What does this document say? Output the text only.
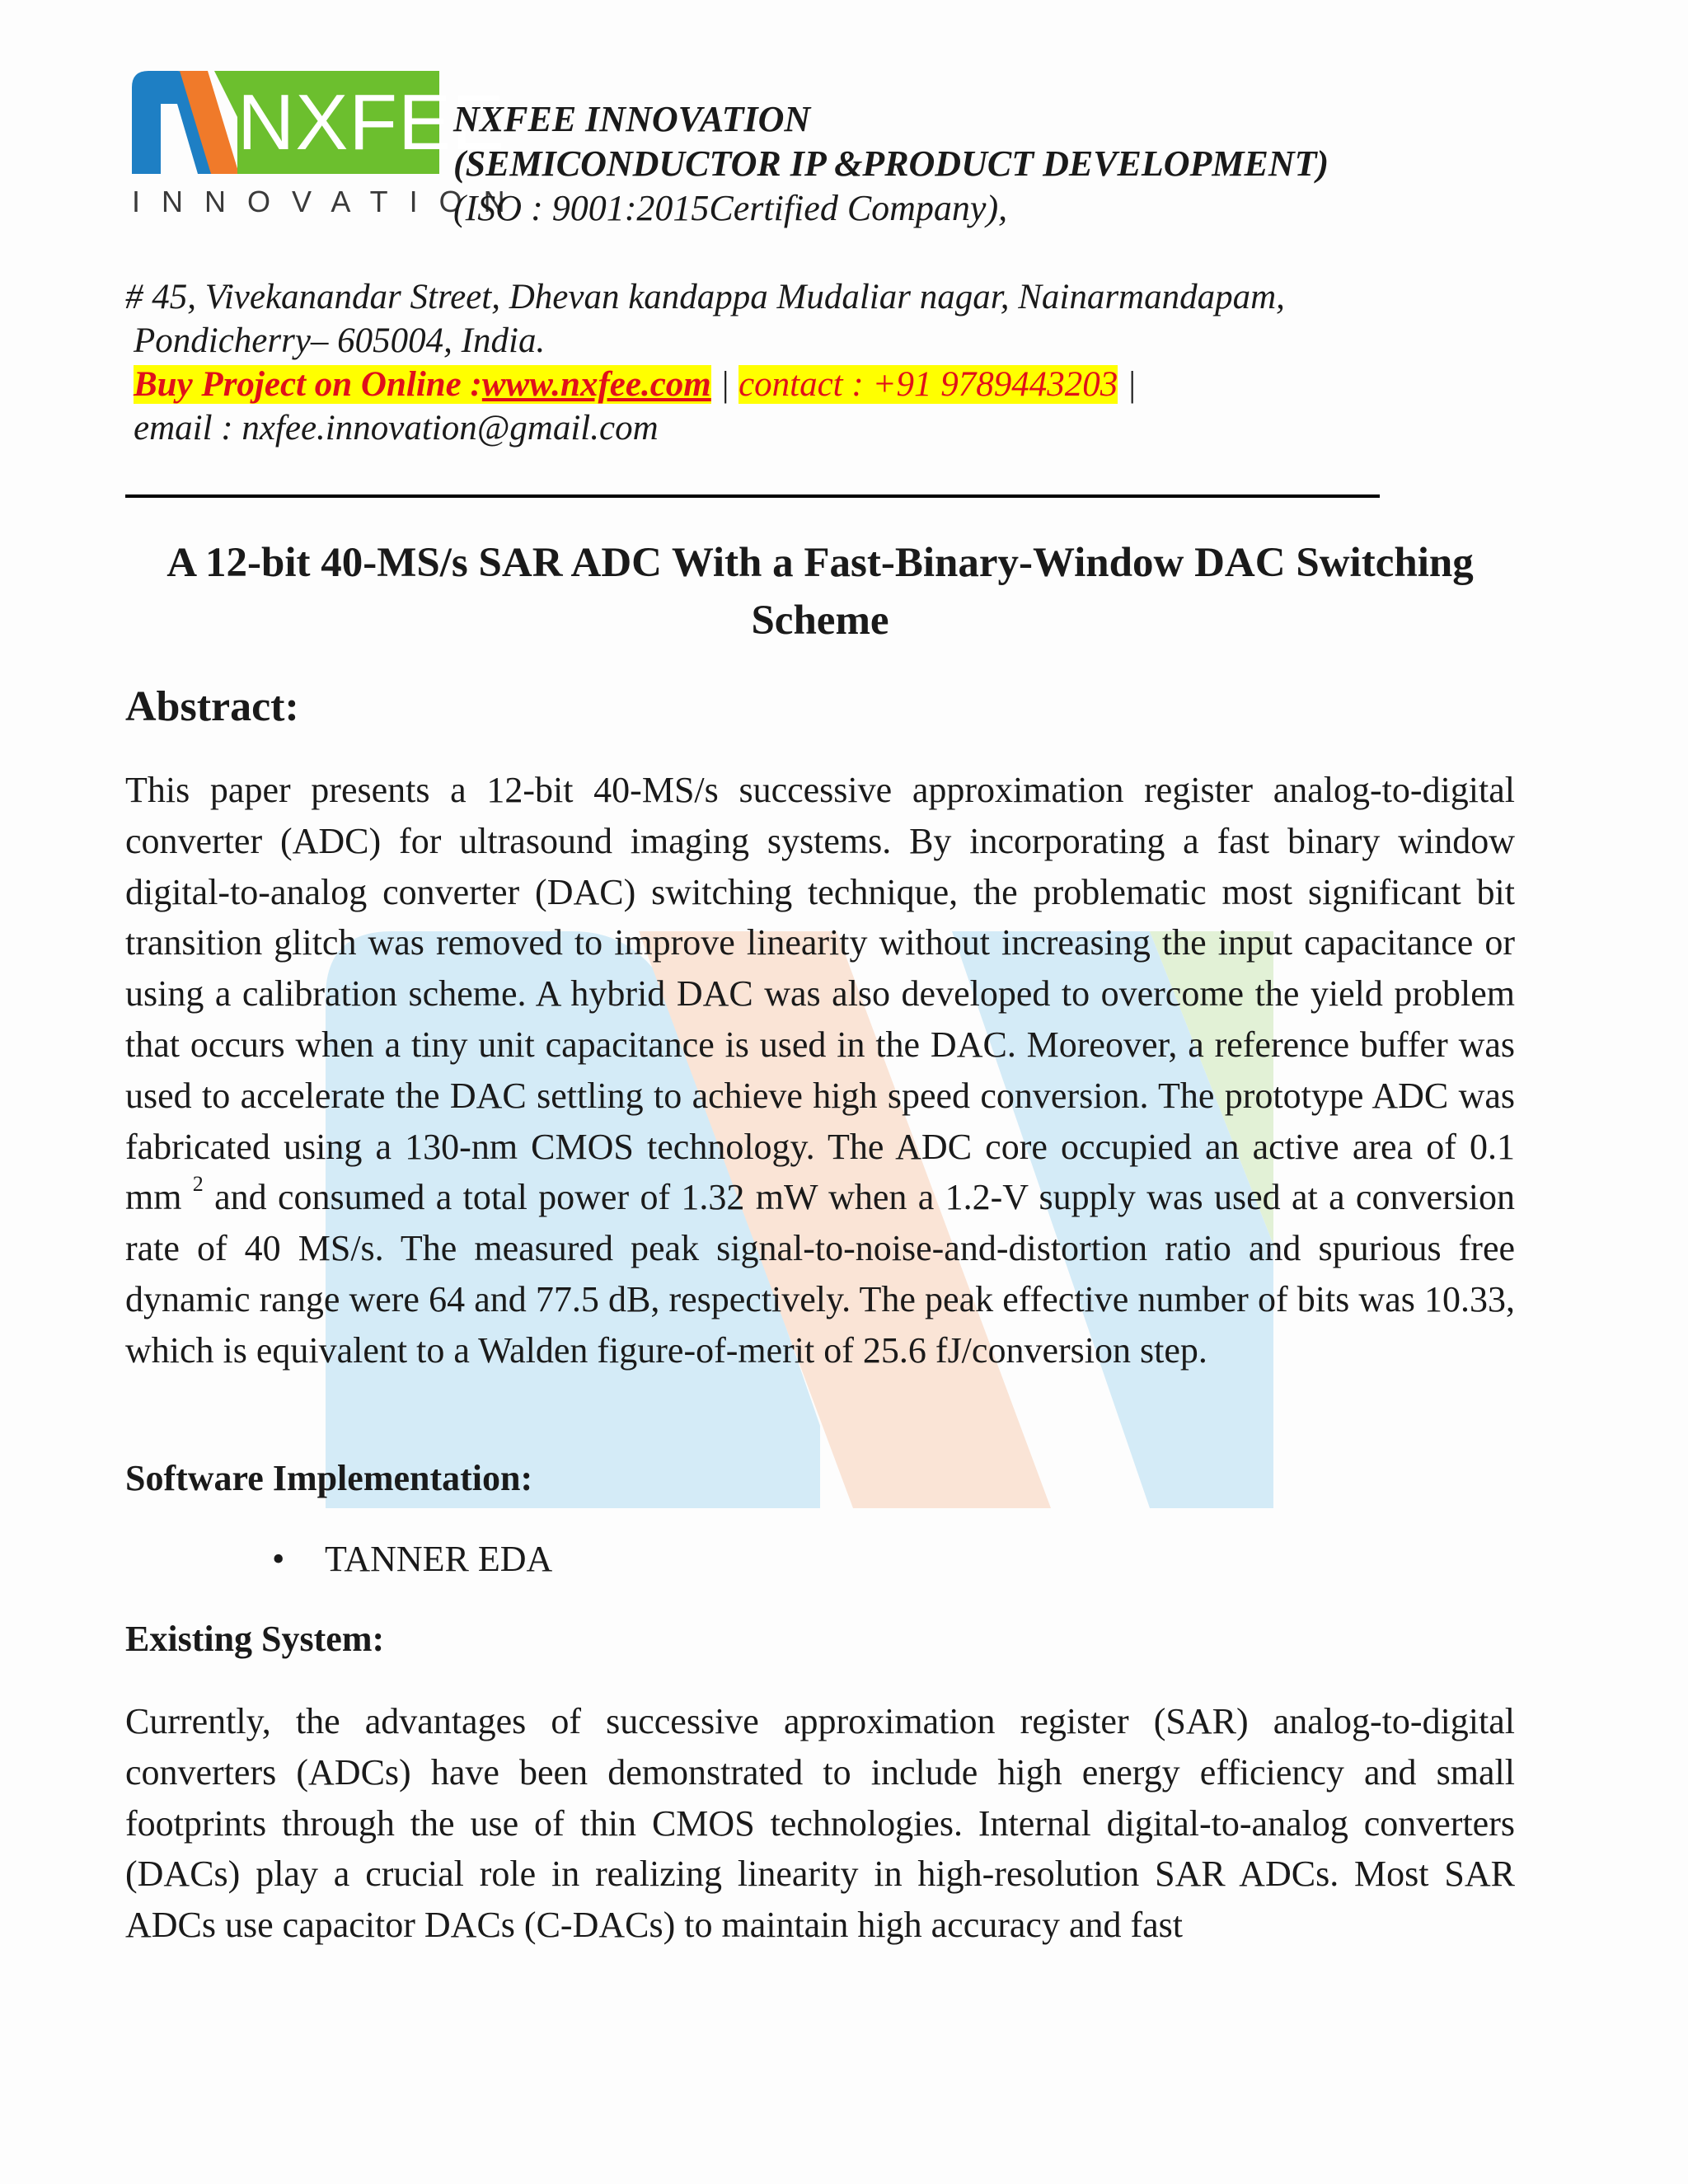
NXFEE
INNOVATION
NXFEE INNOVATION
(SEMICONDUCTOR IP &PRODUCT DEVELOPMENT)
(ISO : 9001:2015Certified Company),
# 45, Vivekanandar Street, Dhevan kandappa Mudaliar nagar, Nainarmandapam,
Pondicherry– 605004, India.
Buy Project on Online :www.nxfee.com | contact : +91 9789443203 |
email : nxfee.innovation@gmail.com
A 12-bit 40-MS/s SAR ADC With a Fast-Binary-Window DAC Switching
Scheme
Abstract:
This paper presents a 12-bit 40-MS/s successive approximation register analog-to-digital converter (ADC) for ultrasound imaging systems. By incorporating a fast binary window digital-to-analog converter (DAC) switching technique, the problematic most significant bit transition glitch was removed to improve linearity without increasing the input capacitance or using a calibration scheme. A hybrid DAC was also developed to overcome the yield problem that occurs when a tiny unit capacitance is used in the DAC. Moreover, a reference buffer was used to accelerate the DAC settling to achieve high speed conversion. The prototype ADC was fabricated using a 130-nm CMOS technology. The ADC core occupied an active area of 0.1 mm $^2$ and consumed a total power of 1.32 mW when a 1.2-V supply was used at a conversion rate of 40 MS/s. The measured peak signal-to-noise-and-distortion ratio and spurious free dynamic range were 64 and 77.5 dB, respectively. The peak effective number of bits was 10.33, which is equivalent to a Walden figure-of-merit of 25.6 fJ/conversion step.
Software Implementation:
• TANNER EDA
Existing System:
Currently, the advantages of successive approximation register (SAR) analog-to-digital converters (ADCs) have been demonstrated to include high energy efficiency and small footprints through the use of thin CMOS technologies. Internal digital-to-analog converters (DACs) play a crucial role in realizing linearity in high-resolution SAR ADCs. Most SAR ADCs use capacitor DACs (C-DACs) to maintain high accuracy and fast
